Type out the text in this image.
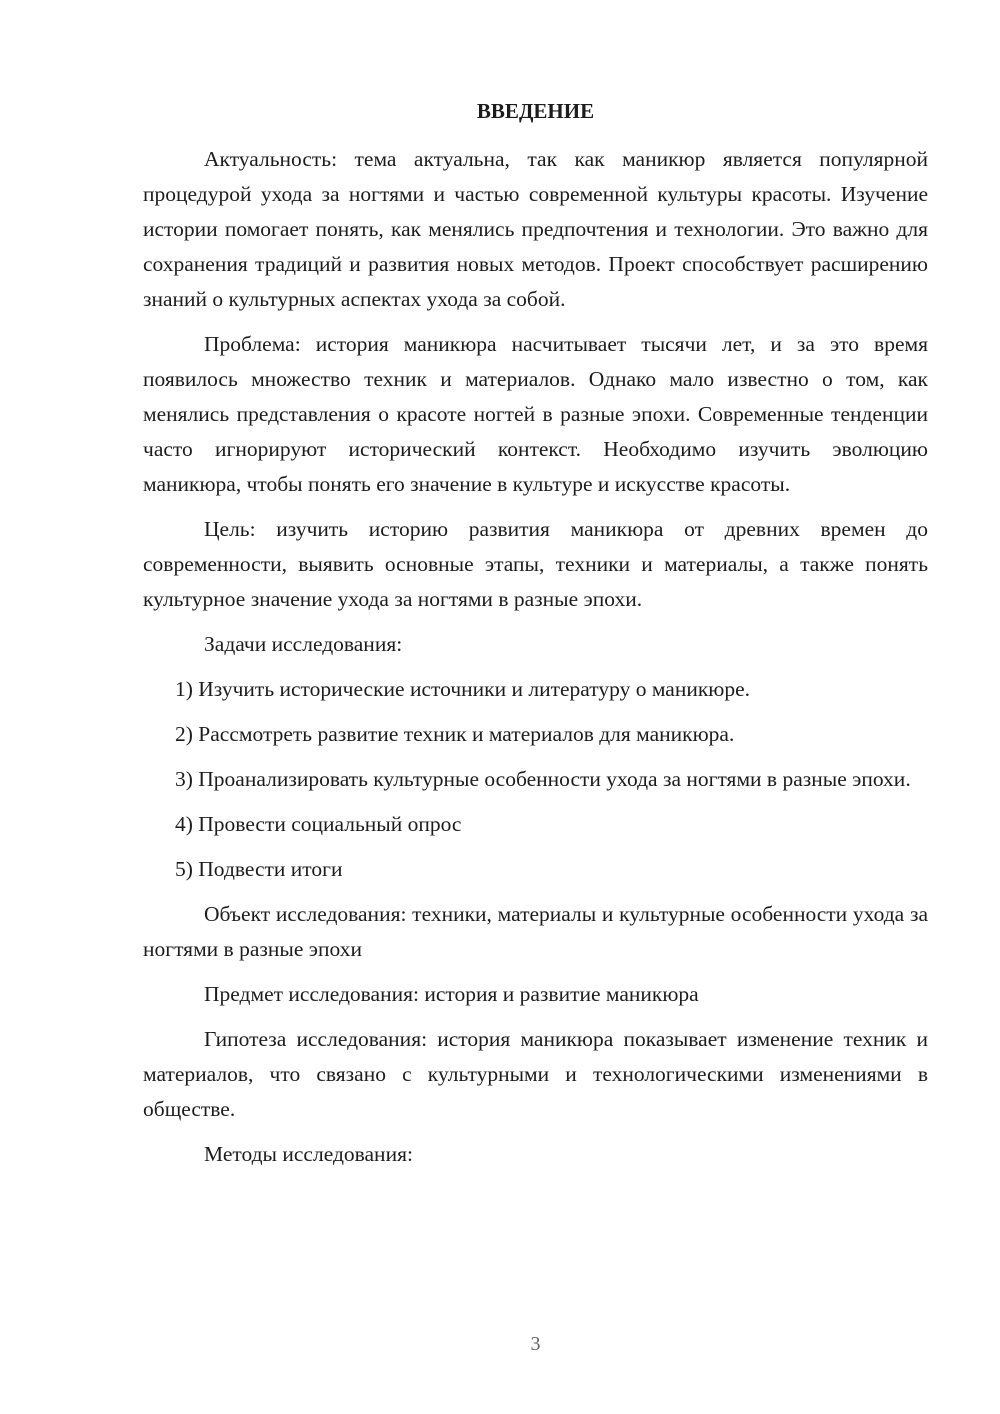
ВВЕДЕНИЕ

Актуальность: тема актуальна, так как маникюр является популярной процедурой ухода за ногтями и частью современной культуры красоты. Изучение истории помогает понять, как менялись предпочтения и технологии. Это важно для сохранения традиций и развития новых методов. Проект способствует расширению знаний о культурных аспектах ухода за собой.

Проблема: история маникюра насчитывает тысячи лет, и за это время появилось множество техник и материалов. Однако мало известно о том, как менялись представления о красоте ногтей в разные эпохи. Современные тенденции часто игнорируют исторический контекст. Необходимо изучить эволюцию маникюра, чтобы понять его значение в культуре и искусстве красоты.

Цель: изучить историю развития маникюра от древних времен до современности, выявить основные этапы, техники и материалы, а также понять культурное значение ухода за ногтями в разные эпохи.

Задачи исследования:

1) Изучить исторические источники и литературу о маникюре.

2) Рассмотреть развитие техник и материалов для маникюра.

3) Проанализировать культурные особенности ухода за ногтями в разные эпохи.

4) Провести социальный опрос

5) Подвести итоги

Объект исследования: техники, материалы и культурные особенности ухода за ногтями в разные эпохи

Предмет исследования: история и развитие маникюра

Гипотеза исследования: история маникюра показывает изменение техник и материалов, что связано с культурными и технологическими изменениями в обществе.

Методы исследования:

3
